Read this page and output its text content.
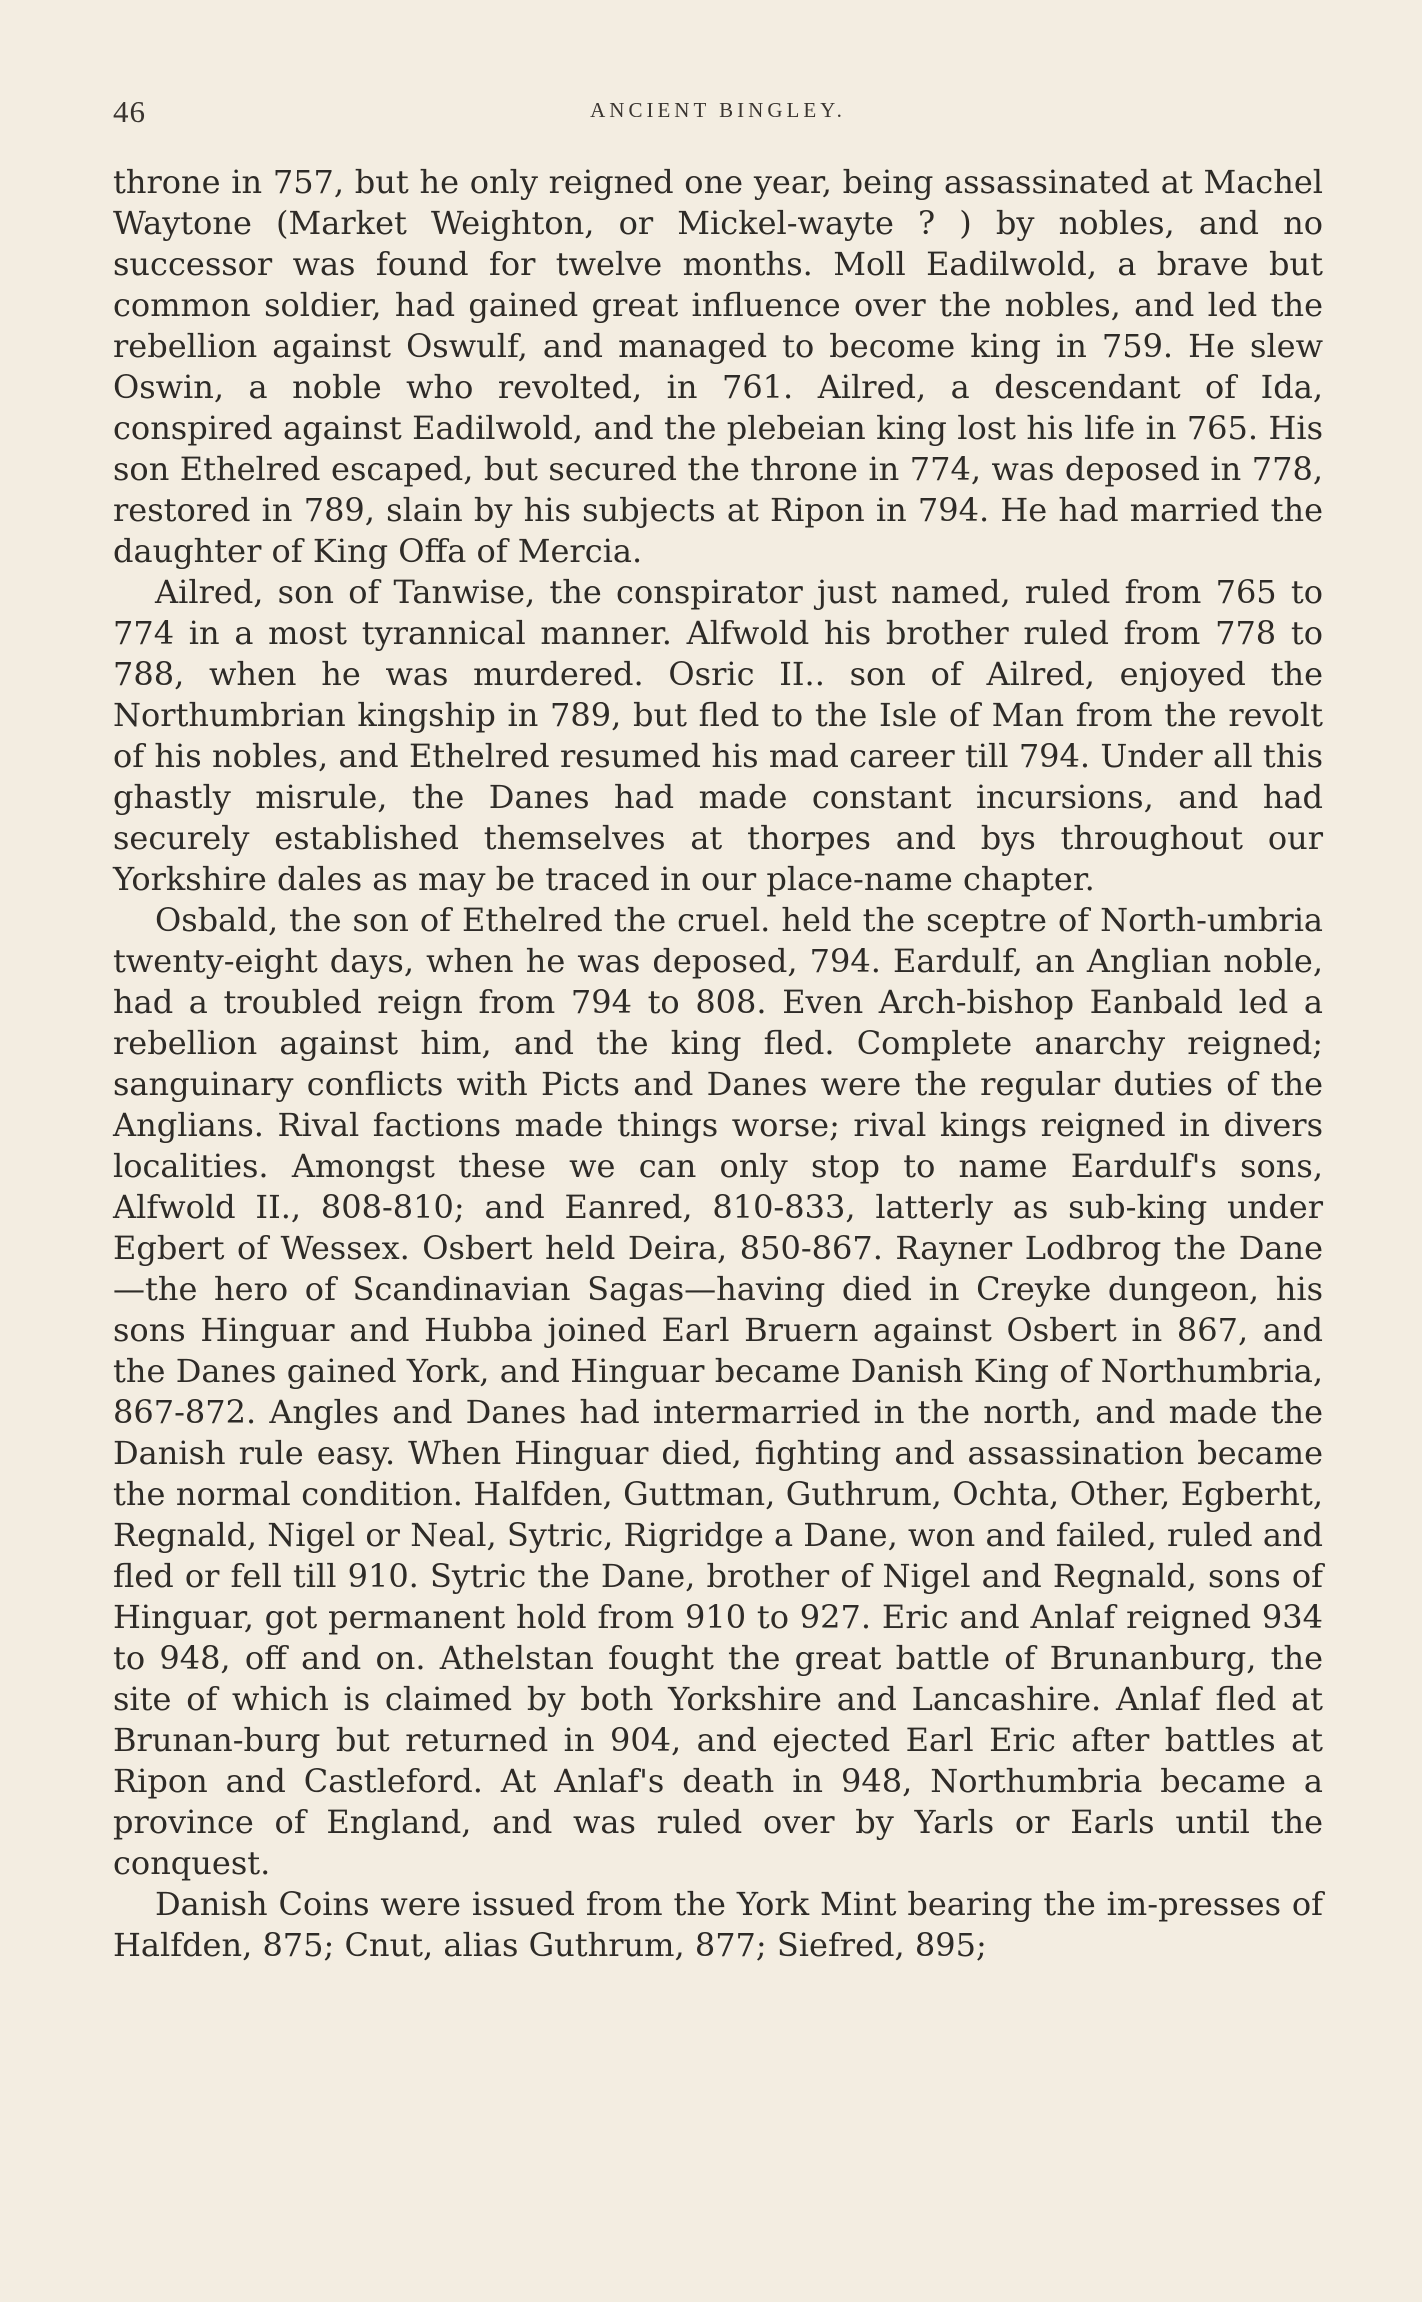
46	ANCIENT BINGLEY.

throne in 757, but he only reigned one year, being assassinated at Machel Waytone (Market Weighton, or Mickel-wayte ? ) by nobles, and no successor was found for twelve months. Moll Eadilwold, a brave but common soldier, had gained great influence over the nobles, and led the rebellion against Oswulf, and managed to become king in 759. He slew Oswin, a noble who revolted, in 761. Ailred, a descendant of Ida, conspired against Eadilwold, and the plebeian king lost his life in 765. His son Ethelred escaped, but secured the throne in 774, was deposed in 778, restored in 789, slain by his subjects at Ripon in 794. He had married the daughter of King Offa of Mercia.

Ailred, son of Tanwise, the conspirator just named, ruled from 765 to 774 in a most tyrannical manner. Alfwold his brother ruled from 778 to 788, when he was murdered. Osric II.. son of Ailred, enjoyed the Northumbrian kingship in 789, but fled to the Isle of Man from the revolt of his nobles, and Ethelred resumed his mad career till 794. Under all this ghastly misrule, the Danes had made constant incursions, and had securely established themselves at thorpes and bys throughout our Yorkshire dales as may be traced in our place-name chapter.

Osbald, the son of Ethelred the cruel. held the sceptre of North-umbria twenty-eight days, when he was deposed, 794. Eardulf, an Anglian noble, had a troubled reign from 794 to 808. Even Arch-bishop Eanbald led a rebellion against him, and the king fled. Complete anarchy reigned; sanguinary conflicts with Picts and Danes were the regular duties of the Anglians. Rival factions made things worse; rival kings reigned in divers localities. Amongst these we can only stop to name Eardulf's sons, Alfwold II., 808-810; and Eanred, 810-833, latterly as sub-king under Egbert of Wessex. Osbert held Deira, 850-867. Rayner Lodbrog the Dane—the hero of Scandinavian Sagas—having died in Creyke dungeon, his sons Hinguar and Hubba joined Earl Bruern against Osbert in 867, and the Danes gained York, and Hinguar became Danish King of Northumbria, 867-872. Angles and Danes had intermarried in the north, and made the Danish rule easy. When Hinguar died, fighting and assassination became the normal condition. Halfden, Guttman, Guthrum, Ochta, Other, Egberht, Regnald, Nigel or Neal, Sytric, Rigridge a Dane, won and failed, ruled and fled or fell till 910. Sytric the Dane, brother of Nigel and Regnald, sons of Hinguar, got permanent hold from 910 to 927. Eric and Anlaf reigned 934 to 948, off and on. Athelstan fought the great battle of Brunanburg, the site of which is claimed by both Yorkshire and Lancashire. Anlaf fled at Brunan-burg but returned in 904, and ejected Earl Eric after battles at Ripon and Castleford. At Anlaf's death in 948, Northumbria became a province of England, and was ruled over by Yarls or Earls until the conquest.

Danish Coins were issued from the York Mint bearing the im-presses of Halfden, 875; Cnut, alias Guthrum, 877; Siefred, 895;
